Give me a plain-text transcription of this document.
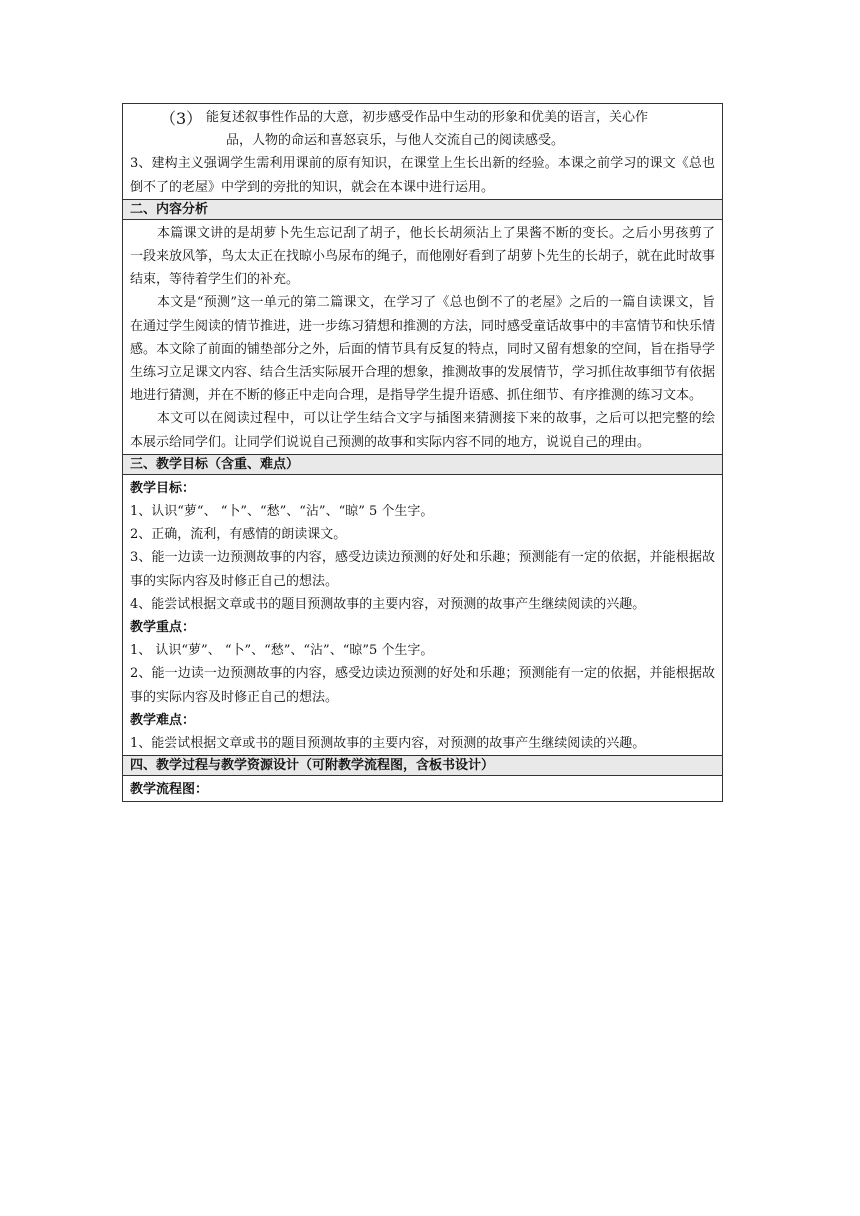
（3） 能复述叙事性作品的大意，初步感受作品中生动的形象和优美的语言，关心作

品，人物的命运和喜怒哀乐，与他人交流自己的阅读感受。

3、建构主义强调学生需利用课前的原有知识，在课堂上生长出新的经验。本课之前学习的课文《总也倒不了的老屋》中学到的旁批的知识，就会在本课中进行运用。

二、内容分析

本篇课文讲的是胡萝卜先生忘记刮了胡子，他长长胡须沾上了果酱不断的变长。之后小男孩剪了一段来放风筝，鸟太太正在找晾小鸟尿布的绳子，而他刚好看到了胡萝卜先生的长胡子，就在此时故事结束，等待着学生们的补充。

本文是“预测”这一单元的第二篇课文，在学习了《总也倒不了的老屋》之后的一篇自读课文，旨在通过学生阅读的情节推进，进一步练习猜想和推测的方法，同时感受童话故事中的丰富情节和快乐情感。本文除了前面的铺垫部分之外，后面的情节具有反复的特点，同时又留有想象的空间，旨在指导学生练习立足课文内容、结合生活实际展开合理的想象，推测故事的发展情节，学习抓住故事细节有依据地进行猜测，并在不断的修正中走向合理，是指导学生提升语感、抓住细节、有序推测的练习文本。

本文可以在阅读过程中，可以让学生结合文字与插图来猜测接下来的故事，之后可以把完整的绘本展示给同学们。让同学们说说自己预测的故事和实际内容不同的地方，说说自己的理由。

三、教学目标（含重、难点）

教学目标：

1、认识“萝“、 “卜”、“愁”、“沾”、“晾” 5 个生字。

2、正确，流利，有感情的朗读课文。

3、能一边读一边预测故事的内容，感受边读边预测的好处和乐趣；预测能有一定的依据，并能根据故事的实际内容及时修正自己的想法。

4、能尝试根据文章或书的题目预测故事的主要内容，对预测的故事产生继续阅读的兴趣。

教学重点：

1、 认识“萝”、 “卜”、“愁”、“沾”、“晾”5 个生字。

2、能一边读一边预测故事的内容，感受边读边预测的好处和乐趣；预测能有一定的依据，并能根据故事的实际内容及时修正自己的想法。

教学难点：

1、能尝试根据文章或书的题目预测故事的主要内容，对预测的故事产生继续阅读的兴趣。

四、教学过程与教学资源设计（可附教学流程图，含板书设计）

教学流程图：
